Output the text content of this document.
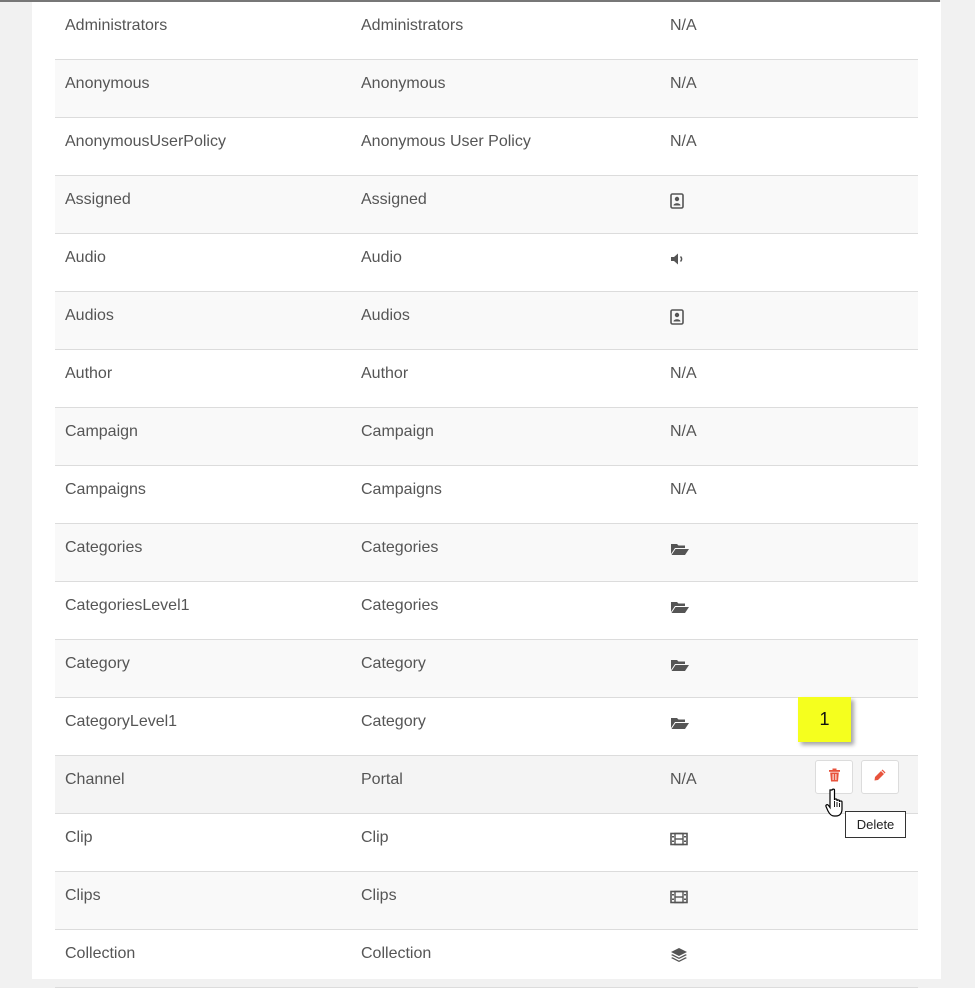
Administrators	Administrators	N/A
Anonymous	Anonymous	N/A
AnonymousUserPolicy	Anonymous User Policy	N/A
Assigned	Assigned
Audio	Audio
Audios	Audios
Author	Author	N/A
Campaign	Campaign	N/A
Campaigns	Campaigns	N/A
Categories	Categories
CategoriesLevel1	Categories
Category	Category
CategoryLevel1	Category
Channel	Portal	N/A
Clip	Clip
Clips	Clips
Collection	Collection
1
Delete
